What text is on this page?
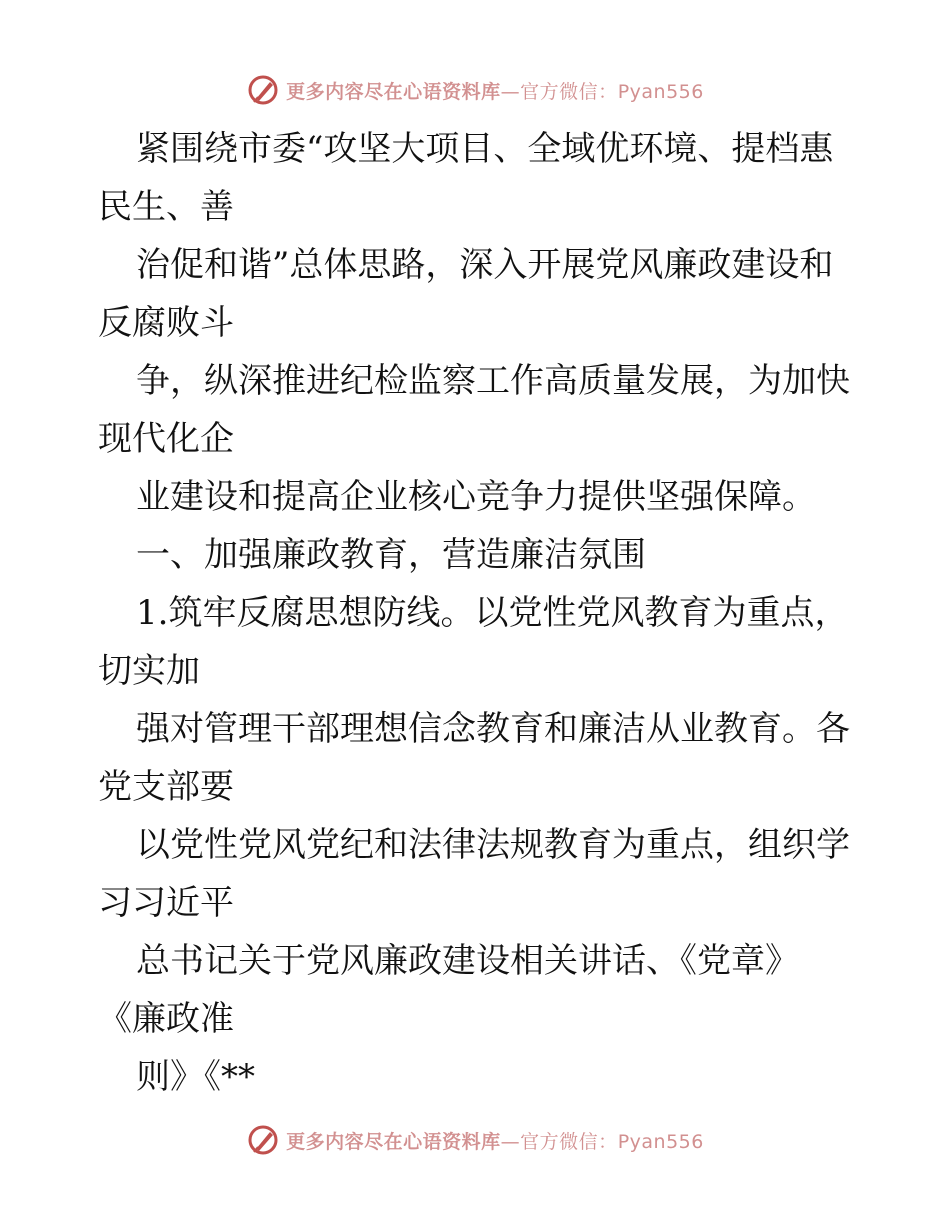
更多内容尽在心语资料库—官方微信：Pyan556

紧围绕市委“攻坚大项目、全域优环境、提档惠

民生、善

治促和谐”总体思路，深入开展党风廉政建设和

反腐败斗

争，纵深推进纪检监察工作高质量发展，为加快

现代化企

业建设和提高企业核心竞争力提供坚强保障。

一、加强廉政教育，营造廉洁氛围

1.筑牢反腐思想防线。以党性党风教育为重点，

切实加

强对管理干部理想信念教育和廉洁从业教育。各

党支部要

以党性党风党纪和法律法规教育为重点，组织学

习习近平

总书记关于党风廉政建设相关讲话、《党章》

《廉政准

则》《**

更多内容尽在心语资料库—官方微信：Pyan556
